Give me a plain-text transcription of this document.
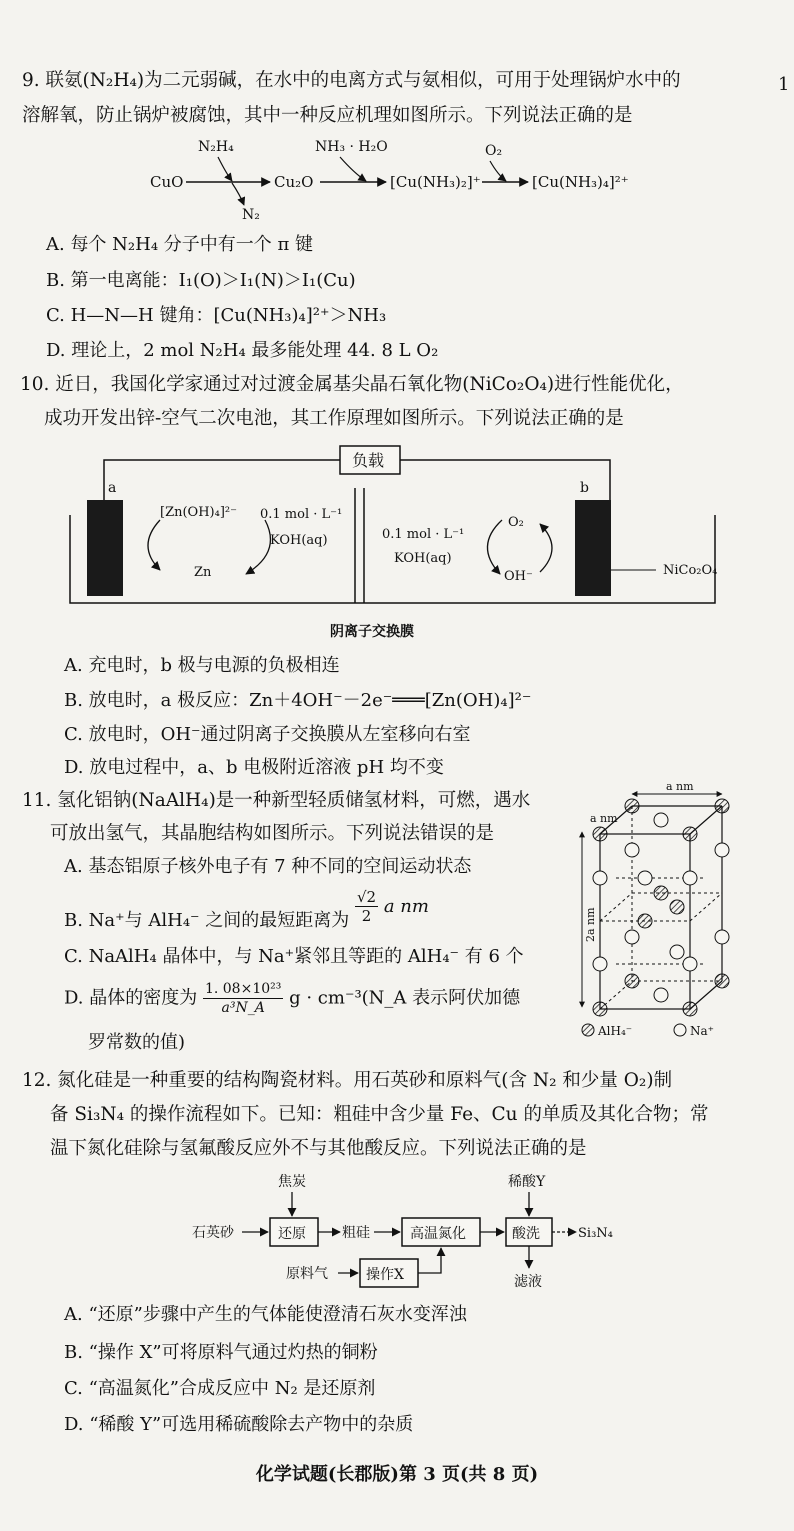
1
9. 联氨(N₂H₄)为二元弱碱，在水中的电离方式与氨相似，可用于处理锅炉水中的
溶解氧，防止锅炉被腐蚀，其中一种反应机理如图所示。下列说法正确的是
N₂H₄
CuO
N₂
Cu₂O
NH₃ · H₂O
[Cu(NH₃)₂]⁺
O₂
[Cu(NH₃)₄]²⁺
A. 每个 N₂H₄ 分子中有一个 π 键
B. 第一电离能：I₁(O)＞I₁(N)＞I₁(Cu)
C. H—N—H 键角：[Cu(NH₃)₄]²⁺＞NH₃
D. 理论上，2 mol N₂H₄ 最多能处理 44. 8 L O₂
10. 近日，我国化学家通过对过渡金属基尖晶石氧化物(NiCo₂O₄)进行性能优化，
成功开发出锌-空气二次电池，其工作原理如图所示。下列说法正确的是
负载
a	b
[Zn(OH)₄]²⁻ 0.1 mol · L⁻¹
KOH(aq)
Zn
0.1 mol · L⁻¹
KOH(aq)
O₂
OH⁻	NiCo₂O₄
阴离子交换膜
A. 充电时，b 极与电源的负极相连
B. 放电时，a 极反应：Zn＋4OH⁻－2e⁻═══[Zn(OH)₄]²⁻
C. 放电时，OH⁻通过阴离子交换膜从左室移向右室
D. 放电过程中，a、b 电极附近溶液 pH 均不变
11. 氢化铝钠(NaAlH₄)是一种新型轻质储氢材料，可燃，遇水
可放出氢气，其晶胞结构如图所示。下列说法错误的是
A. 基态铝原子核外电子有 7 种不同的空间运动状态
B. Na⁺与 AlH₄⁻ 之间的最短距离为 $\frac{√2}{2}$ a nm
C. NaAlH₄ 晶体中，与 Na⁺紧邻且等距的 AlH₄⁻ 有 6 个
D. 晶体的密度为 $\frac{\text{1. 08×10²³}}{\text{a³N\_A}}$ g · cm⁻³(N_A 表示阿伏加德
罗常数的值)
a nm
a nm
2a nm
AlH₄⁻	Na⁺
12. 氮化硅是一种重要的结构陶瓷材料。用石英砂和原料气(含 N₂ 和少量 O₂)制
备 Si₃N₄ 的操作流程如下。已知：粗硅中含少量 Fe、Cu 的单质及其化合物；常
温下氮化硅除与氢氟酸反应外不与其他酸反应。下列说法正确的是
焦炭
石英砂	还原	粗硅	高温氮化	酸洗
稀酸Y
Si₃N₄
滤液
原料气	操作X
A. “还原”步骤中产生的气体能使澄清石灰水变浑浊
B. “操作 X”可将原料气通过灼热的铜粉
C. “高温氮化”合成反应中 N₂ 是还原剂
D. “稀酸 Y”可选用稀硫酸除去产物中的杂质
化学试题(长郡版)第 3 页(共 8 页)
